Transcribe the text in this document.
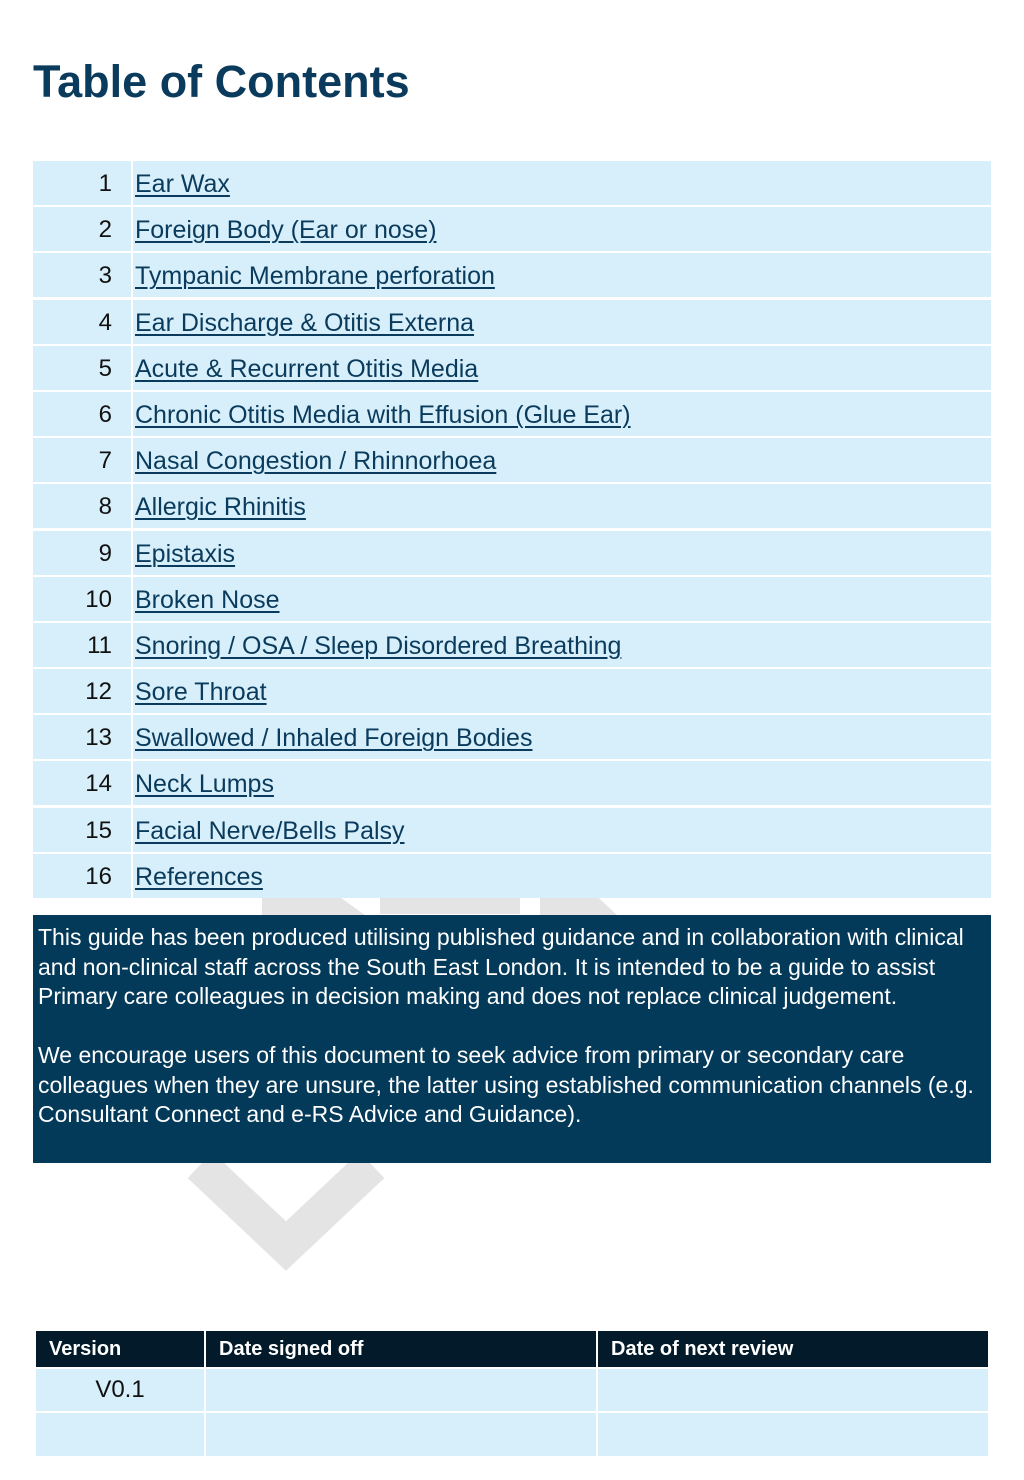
Table of Contents
1 Ear Wax
2 Foreign Body (Ear or nose)
3 Tympanic Membrane perforation
4 Ear Discharge & Otitis Externa
5 Acute & Recurrent Otitis Media
6 Chronic Otitis Media with Effusion (Glue Ear)
7 Nasal Congestion / Rhinnorhoea
8 Allergic Rhinitis
9 Epistaxis
10 Broken Nose
11 Snoring / OSA / Sleep Disordered Breathing
12 Sore Throat
13 Swallowed / Inhaled Foreign Bodies
14 Neck Lumps
15 Facial Nerve/Bells Palsy
16 References

This guide has been produced utilising published guidance and in collaboration with clinical and non-clinical staff across the South East London. It is intended to be a guide to assist Primary care colleagues in decision making and does not replace clinical judgement.

We encourage users of this document to seek advice from primary or secondary care colleagues when they are unsure, the latter using established communication channels (e.g. Consultant Connect and e-RS Advice and Guidance).

Version	Date signed off	Date of next review
V0.1		
